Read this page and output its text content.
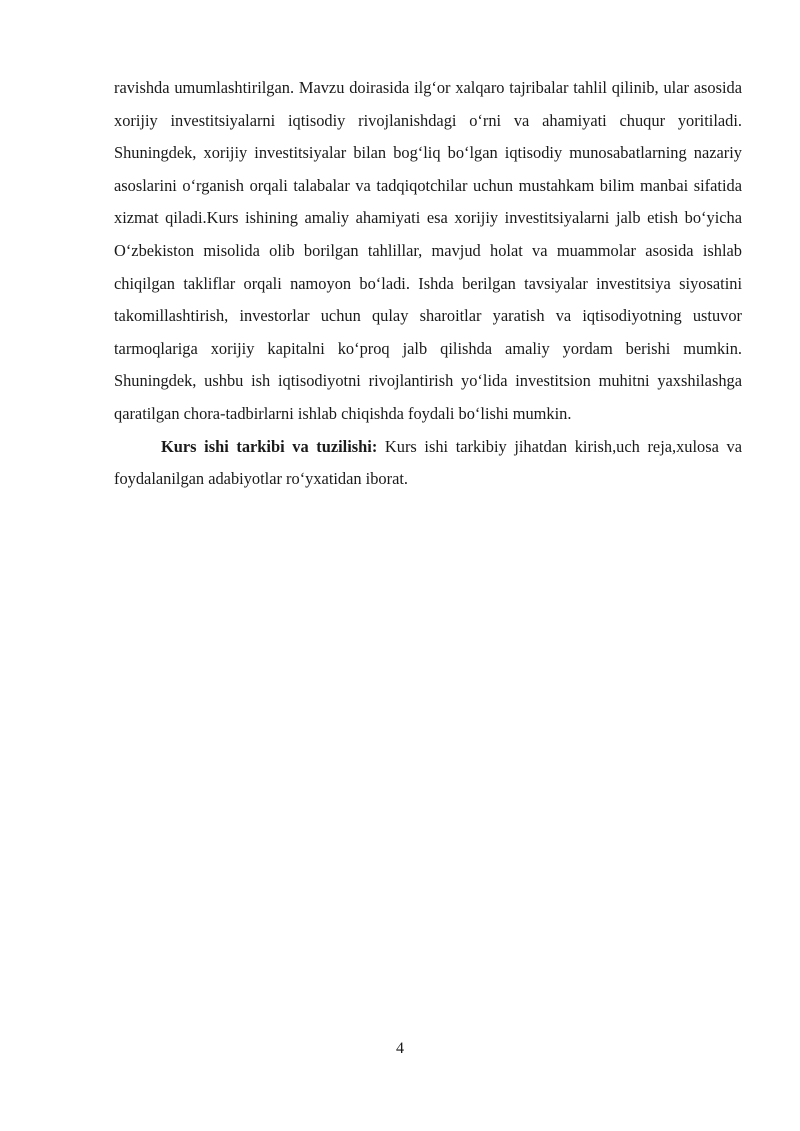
ravishda umumlashtirilgan. Mavzu doirasida ilg‘or xalqaro tajribalar tahlil qilinib, ular asosida xorijiy investitsiyalarni iqtisodiy rivojlanishdagi o‘rni va ahamiyati chuqur yoritiladi. Shuningdek, xorijiy investitsiyalar bilan bog‘liq bo‘lgan iqtisodiy munosabatlarning nazariy asoslarini o‘rganish orqali talabalar va tadqiqotchilar uchun mustahkam bilim manbai sifatida xizmat qiladi.Kurs ishining amaliy ahamiyati esa xorijiy investitsiyalarni jalb etish bo‘yicha O‘zbekiston misolida olib borilgan tahlillar, mavjud holat va muammolar asosida ishlab chiqilgan takliflar orqali namoyon bo‘ladi. Ishda berilgan tavsiyalar investitsiya siyosatini takomillashtirish, investorlar uchun qulay sharoitlar yaratish va iqtisodiyotning ustuvor tarmoqlariga xorijiy kapitalni ko‘proq jalb qilishda amaliy yordam berishi mumkin. Shuningdek, ushbu ish iqtisodiyotni rivojlantirish yo‘lida investitsion muhitni yaxshilashga qaratilgan chora-tadbirlarni ishlab chiqishda foydali bo‘lishi mumkin.

Kurs ishi tarkibi va tuzilishi: Kurs ishi tarkibiy jihatdan kirish,uch reja,xulosa va foydalanilgan adabiyotlar ro‘yxatidan iborat.

4
